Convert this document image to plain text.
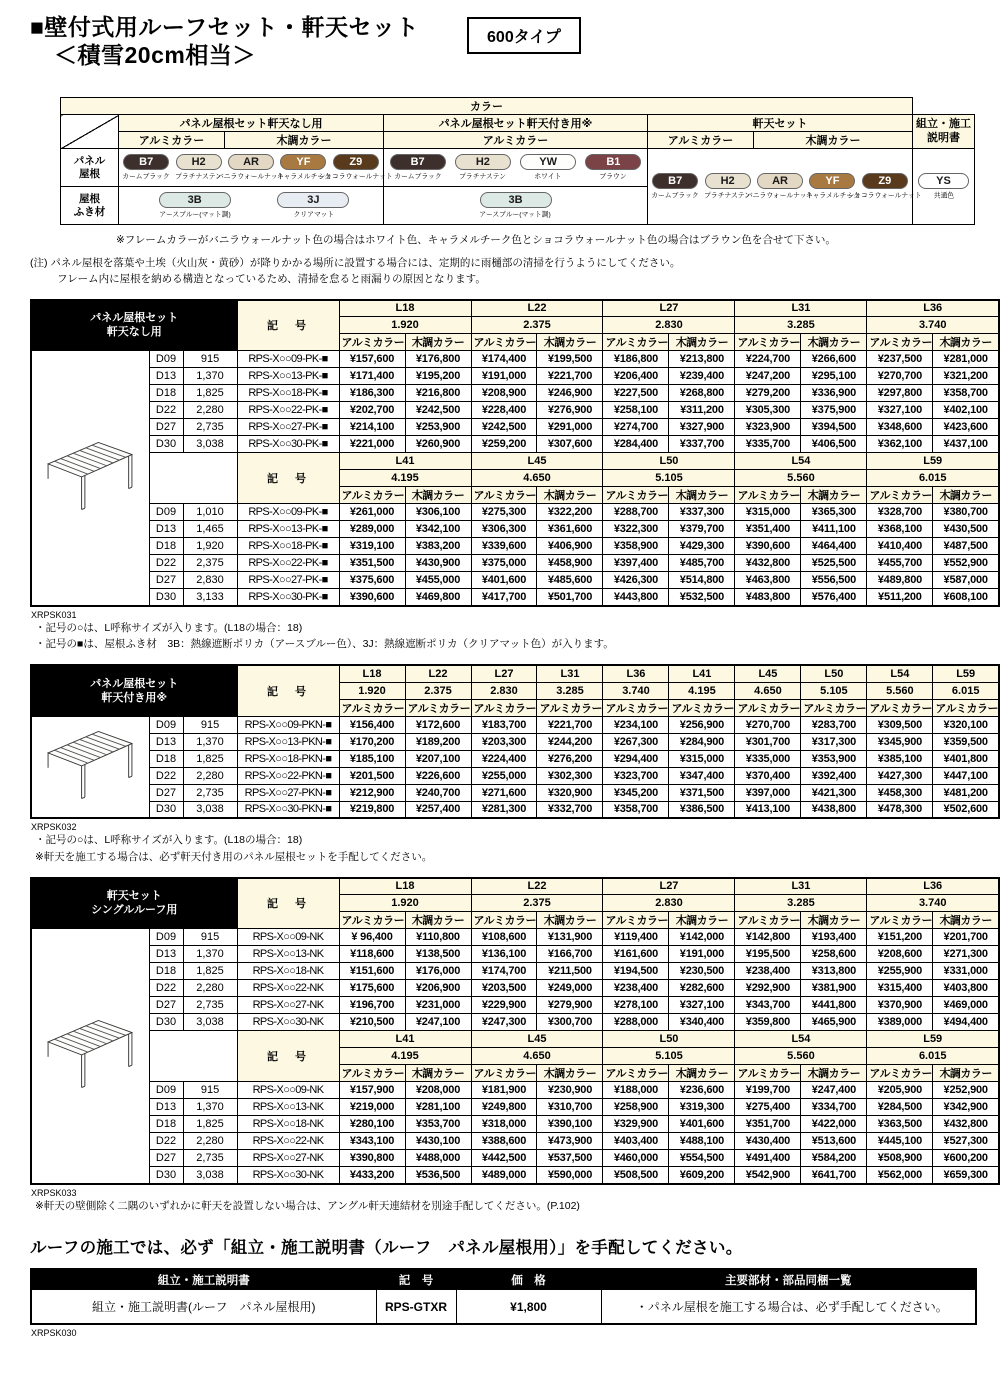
■壁付式用ルーフセット・軒天セット
＜積雪20cm相当＞
600タイプ
カラー						
	パネル屋根セット軒天なし用		パネル屋根セット軒天付き用※	軒天セット		組立・施工
説明書
	アルミカラー	木調カラー	アルミカラー	アルミカラー	木調カラー	
パネル
屋根	
B7
カームブラック
H2
プラチナステン
AR
バニラウォールナット
YF
キャラメルチーク
Z9
ショコラウォールナット

B7
カームブラック
H2
プラチナステン
YW
ホワイト
B1
ブラウン	B7
カームブラック
H2
プラチナステン
AR
バニラウォールナット
YF
キャラメルチーク
Z9
ショコラウォールナット

YS
共通色

屋根
ふき材	
3B
アースブルー(マット調)
3J
クリアマット

3B
アースブルー(マット調)
※フレームカラーがバニラウォールナット色の場合はホワイト色、キャラメルチーク色とショコラウォールナット色の場合はブラウン色を合せて下さい。
(注) パネル屋根を落葉や土埃（火山灰・黄砂）が降りかかる場所に設置する場合には、定期的に雨樋部の清掃を行うようにしてください。
フレーム内に屋根を納める構造となっているため、清掃を怠ると雨漏りの原因となります。
パネル屋根セット
軒天なし用			記　号	L18		L22		L27		L31		L36	
				1.920		2.375		2.830		3.285		3.740	
				アルミカラー	木調カラー	アルミカラー	木調カラー	アルミカラー	木調カラー	アルミカラー	木調カラー	アルミカラー	木調カラー
	D09	915	RPS-X○○09-PK-■	¥157,600	¥176,800	¥174,400	¥199,500	¥186,800	¥213,800	¥224,700	¥266,600	¥237,500	¥281,000
	D13	1,370	RPS-X○○13-PK-■	¥171,400	¥195,200	¥191,000	¥221,700	¥206,400	¥239,400	¥247,200	¥295,100	¥270,700	¥321,200
	D18	1,825	RPS-X○○18-PK-■	¥186,300	¥216,800	¥208,900	¥246,900	¥227,500	¥268,800	¥279,200	¥336,900	¥297,800	¥358,700
	D22	2,280	RPS-X○○22-PK-■	¥202,700	¥242,500	¥228,400	¥276,900	¥258,100	¥311,200	¥305,300	¥375,900	¥327,100	¥402,100
	D27	2,735	RPS-X○○27-PK-■	¥214,100	¥253,900	¥242,500	¥291,000	¥274,700	¥327,900	¥323,900	¥394,500	¥348,600	¥423,600
	D30	3,038	RPS-X○○30-PK-■	¥221,000	¥260,900	¥259,200	¥307,600	¥284,400	¥337,700	¥335,700	¥406,500	¥362,100	¥437,100
			記　号	L41		L45		L50		L54		L59	
				4.195		4.650		5.105		5.560		6.015	
				アルミカラー	木調カラー	アルミカラー	木調カラー	アルミカラー	木調カラー	アルミカラー	木調カラー	アルミカラー	木調カラー
	D09	1,010	RPS-X○○09-PK-■	¥261,000	¥306,100	¥275,300	¥322,200	¥288,700	¥337,300	¥315,000	¥365,300	¥328,700	¥380,700
	D13	1,465	RPS-X○○13-PK-■	¥289,000	¥342,100	¥306,300	¥361,600	¥322,300	¥379,700	¥351,400	¥411,100	¥368,100	¥430,500
	D18	1,920	RPS-X○○18-PK-■	¥319,100	¥383,200	¥339,600	¥406,900	¥358,900	¥429,300	¥390,600	¥464,400	¥410,400	¥487,500
	D22	2,375	RPS-X○○22-PK-■	¥351,500	¥430,900	¥375,000	¥458,900	¥397,400	¥485,700	¥432,800	¥525,500	¥455,700	¥552,900
	D27	2,830	RPS-X○○27-PK-■	¥375,600	¥455,000	¥401,600	¥485,600	¥426,300	¥514,800	¥463,800	¥556,500	¥489,800	¥587,000
	D30	3,133	RPS-X○○30-PK-■	¥390,600	¥469,800	¥417,700	¥501,700	¥443,800	¥532,500	¥483,800	¥576,400	¥511,200	¥608,100
XRPSK031
・記号の○は、L呼称サイズが入ります。(L18の場合：18)
・記号の■は、屋根ふき材　3B：熱線遮断ポリカ（アースブルー色）、3J：熱線遮断ポリカ（クリアマット色）が入ります。
パネル屋根セット
軒天付き用※			記　号	L18	L22	L27	L31	L36	L41	L45	L50	L54	L59
				1.920	2.375	2.830	3.285	3.740	4.195	4.650	5.105	5.560	6.015
				アルミカラー	アルミカラー	アルミカラー	アルミカラー	アルミカラー	アルミカラー	アルミカラー	アルミカラー	アルミカラー	アルミカラー
	D09	915	RPS-X○○09-PKN-■	¥156,400	¥172,600	¥183,700	¥221,700	¥234,100	¥256,900	¥270,700	¥283,700	¥309,500	¥320,100
	D13	1,370	RPS-X○○13-PKN-■	¥170,200	¥189,200	¥203,300	¥244,200	¥267,300	¥284,900	¥301,700	¥317,300	¥345,900	¥359,500
	D18	1,825	RPS-X○○18-PKN-■	¥185,100	¥207,100	¥224,400	¥276,200	¥294,400	¥315,000	¥335,000	¥353,900	¥385,100	¥401,800
	D22	2,280	RPS-X○○22-PKN-■	¥201,500	¥226,600	¥255,000	¥302,300	¥323,700	¥347,400	¥370,400	¥392,400	¥427,300	¥447,100
	D27	2,735	RPS-X○○27-PKN-■	¥212,900	¥240,700	¥271,600	¥320,900	¥345,200	¥371,500	¥397,000	¥421,300	¥458,300	¥481,200
	D30	3,038	RPS-X○○30-PKN-■	¥219,800	¥257,400	¥281,300	¥332,700	¥358,700	¥386,500	¥413,100	¥438,800	¥478,300	¥502,600
XRPSK032
・記号の○は、L呼称サイズが入ります。(L18の場合：18)
※軒天を施工する場合は、必ず軒天付き用のパネル屋根セットを手配してください。
軒天セット
シングルルーフ用			記　号	L18		L22		L27		L31		L36	
				1.920		2.375		2.830		3.285		3.740	
				アルミカラー	木調カラー	アルミカラー	木調カラー	アルミカラー	木調カラー	アルミカラー	木調カラー	アルミカラー	木調カラー
	D09	915	RPS-X○○09-NK	¥ 96,400	¥110,800	¥108,600	¥131,900	¥119,400	¥142,000	¥142,800	¥193,400	¥151,200	¥201,700
	D13	1,370	RPS-X○○13-NK	¥118,600	¥138,500	¥136,100	¥166,700	¥161,600	¥191,000	¥195,500	¥258,600	¥208,600	¥271,300
	D18	1,825	RPS-X○○18-NK	¥151,600	¥176,000	¥174,700	¥211,500	¥194,500	¥230,500	¥238,400	¥313,800	¥255,900	¥331,000
	D22	2,280	RPS-X○○22-NK	¥175,600	¥206,900	¥203,500	¥249,000	¥238,400	¥282,600	¥292,900	¥381,900	¥315,400	¥403,800
	D27	2,735	RPS-X○○27-NK	¥196,700	¥231,000	¥229,900	¥279,900	¥278,100	¥327,100	¥343,700	¥441,800	¥370,900	¥469,000
	D30	3,038	RPS-X○○30-NK	¥210,500	¥247,100	¥247,300	¥300,700	¥288,000	¥340,400	¥359,800	¥465,900	¥389,000	¥494,400
			記　号	L41		L45		L50		L54		L59	
				4.195		4.650		5.105		5.560		6.015	
				アルミカラー	木調カラー	アルミカラー	木調カラー	アルミカラー	木調カラー	アルミカラー	木調カラー	アルミカラー	木調カラー
	D09	915	RPS-X○○09-NK	¥157,900	¥208,000	¥181,900	¥230,900	¥188,000	¥236,600	¥199,700	¥247,400	¥205,900	¥252,900
	D13	1,370	RPS-X○○13-NK	¥219,000	¥281,100	¥249,800	¥310,700	¥258,900	¥319,300	¥275,400	¥334,700	¥284,500	¥342,900
	D18	1,825	RPS-X○○18-NK	¥280,100	¥353,700	¥318,000	¥390,100	¥329,900	¥401,600	¥351,700	¥422,000	¥363,500	¥432,800
	D22	2,280	RPS-X○○22-NK	¥343,100	¥430,100	¥388,600	¥473,900	¥403,400	¥488,100	¥430,400	¥513,600	¥445,100	¥527,300
	D27	2,735	RPS-X○○27-NK	¥390,800	¥488,000	¥442,500	¥537,500	¥460,000	¥554,500	¥491,400	¥584,200	¥508,900	¥600,200
	D30	3,038	RPS-X○○30-NK	¥433,200	¥536,500	¥489,000	¥590,000	¥508,500	¥609,200	¥542,900	¥641,700	¥562,000	¥659,300
XRPSK033
※軒天の壁側除く二隅のいずれかに軒天を設置しない場合は、アングル軒天連結材を別途手配してください。(P.102)
ルーフの施工では、必ず「組立・施工説明書（ルーフ　パネル屋根用）」を手配してください。
組立・施工説明書	記　号	価　格	主要部材・部品同梱一覧
組立・施工説明書(ルーフ　パネル屋根用)	RPS-GTXR	¥1,800	・パネル屋根を施工する場合は、必ず手配してください。
XRPSK030
